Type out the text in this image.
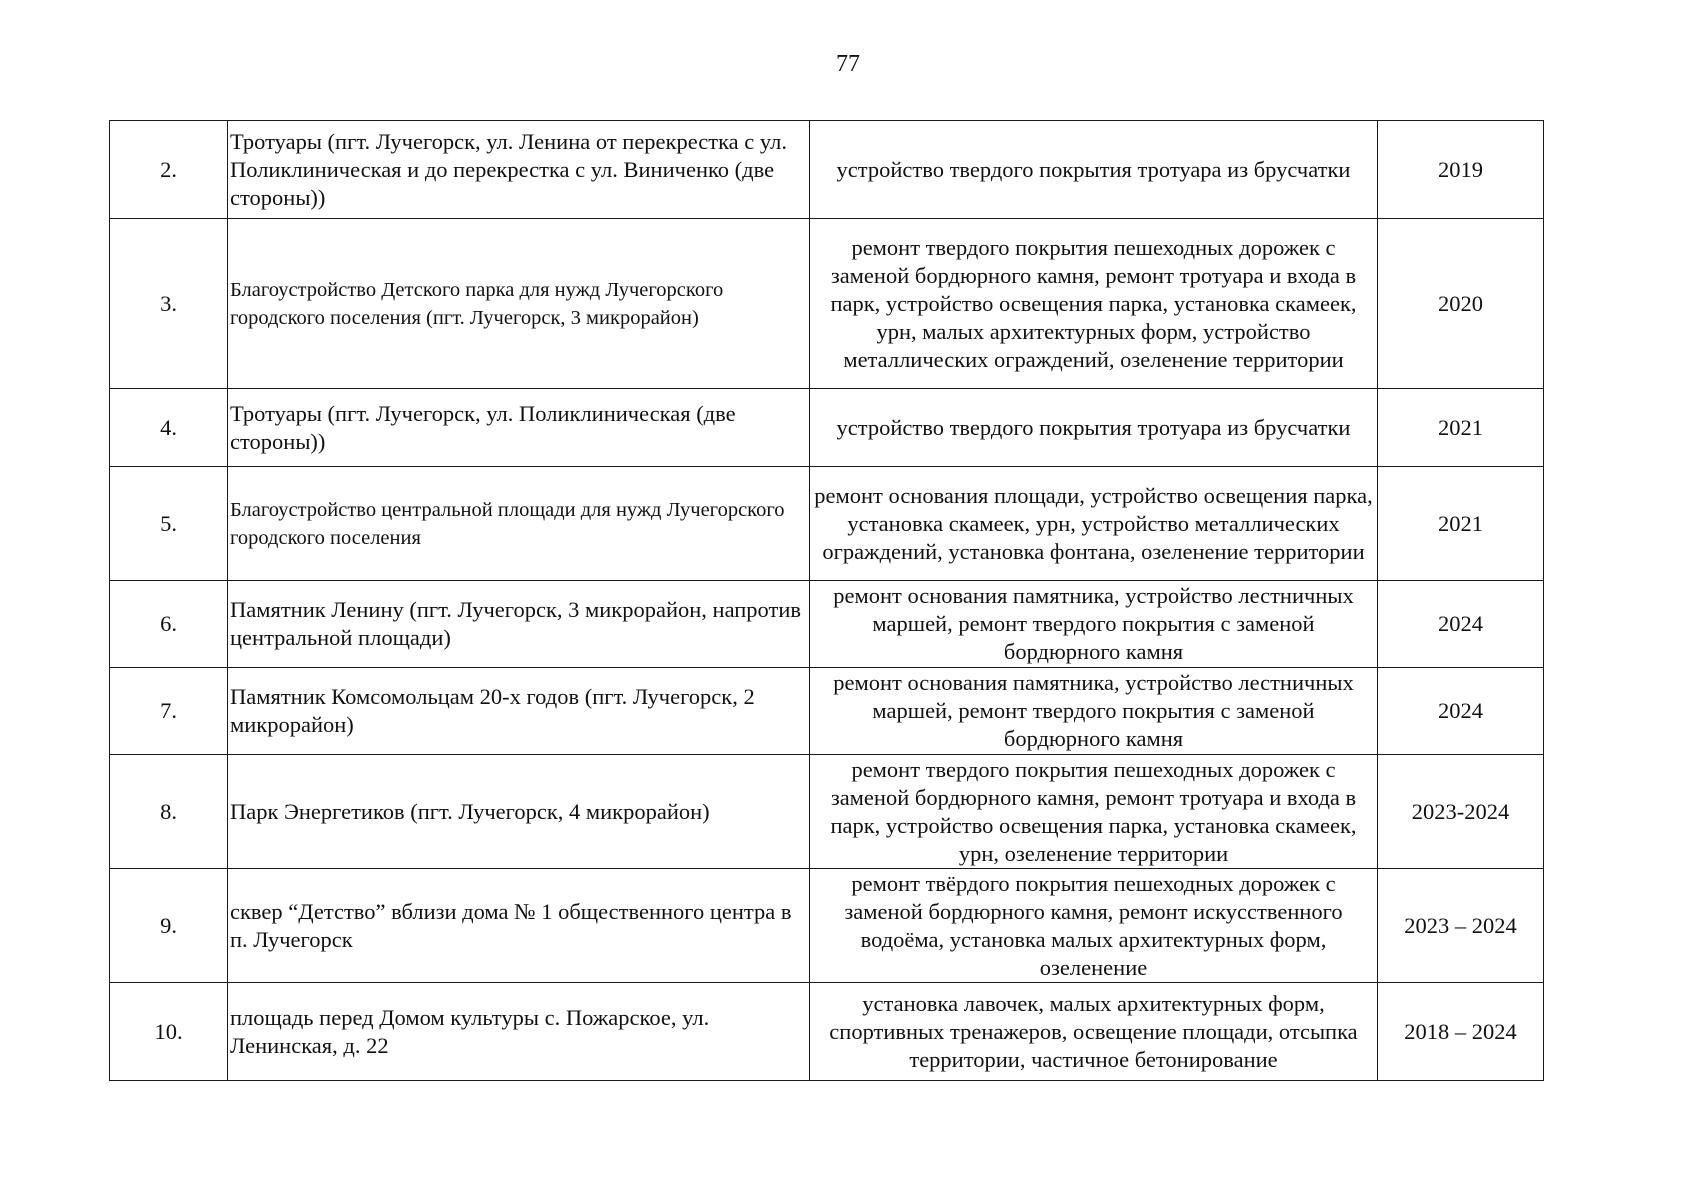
77
2.	Тротуары (пгт. Лучегорск, ул. Ленина от перекрестка с ул. Поликлиническая и до перекрестка с ул. Виниченко (две стороны))	устройство твердого покрытия тротуара из брусчатки	2019
3.	Благоустройство Детского парка для нужд Лучегорского городского поселения (пгт. Лучегорск, 3 микрорайон)	ремонт твердого покрытия пешеходных дорожек с заменой бордюрного камня, ремонт тротуара и входа в парк, устройство освещения парка, установка скамеек, урн, малых архитектурных форм, устройство металлических ограждений, озеленение территории	2020
4.	Тротуары (пгт. Лучегорск, ул. Поликлиническая (две стороны))	устройство твердого покрытия тротуара из брусчатки	2021
5.	Благоустройство центральной площади для нужд Лучегорского городского поселения	ремонт основания площади, устройство освещения парка, установка скамеек, урн, устройство металлических ограждений, установка фонтана, озеленение территории	2021
6.	Памятник Ленину (пгт. Лучегорск, 3 микрорайон, напротив центральной площади)	ремонт основания памятника, устройство лестничных маршей, ремонт твердого покрытия с заменой бордюрного камня	2024
7.	Памятник Комсомольцам 20-х годов (пгт. Лучегорск, 2 микрорайон)	ремонт основания памятника, устройство лестничных маршей, ремонт твердого покрытия с заменой бордюрного камня	2024
8.	Парк Энергетиков (пгт. Лучегорск, 4 микрорайон)	ремонт твердого покрытия пешеходных дорожек с заменой бордюрного камня, ремонт тротуара и входа в парк, устройство освещения парка, установка скамеек, урн, озеленение территории	2023-2024
9.	сквер “Детство” вблизи дома № 1 общественного центра в п. Лучегорск	ремонт твёрдого покрытия пешеходных дорожек с заменой бордюрного камня, ремонт искусственного водоёма, установка малых архитектурных форм, озеленение	2023 – 2024
10.	площадь перед Домом культуры с. Пожарское, ул. Ленинская, д. 22	установка лавочек, малых архитектурных форм, спортивных тренажеров, освещение площади, отсыпка территории, частичное бетонирование	2018 – 2024
